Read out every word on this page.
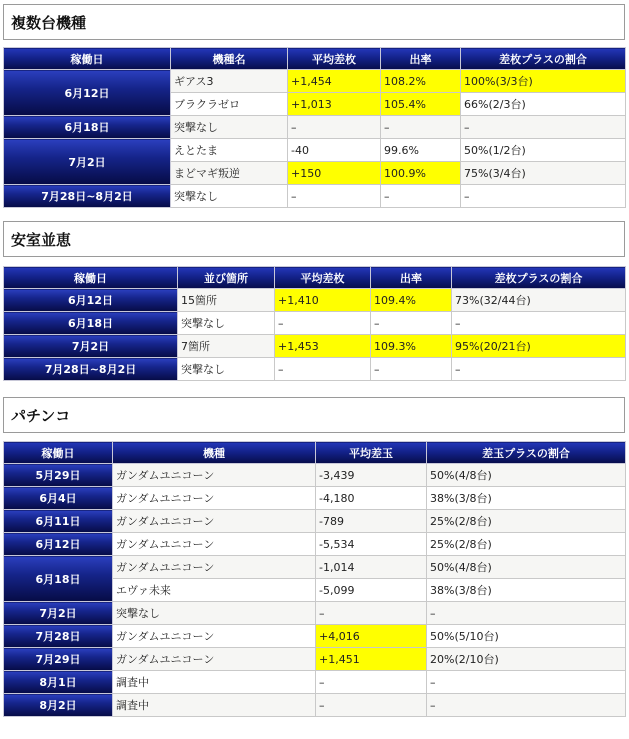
複数台機種
稼働日	機種名	平均差枚	出率	差枚プラスの割合
6月12日	ギアス3	+1,454	108.2%	100%(3/3台)
	ブラクラゼロ	+1,013	105.4%	66%(2/3台)
6月18日	突撃なし	–	–	–
7月2日	えとたま	-40	99.6%	50%(1/2台)
	まどマギ叛逆	+150	100.9%	75%(3/4台)
7月28日~8月2日	突撃なし	–	–	–
安室並恵
稼働日	並び箇所	平均差枚	出率	差枚プラスの割合
6月12日	15箇所	+1,410	109.4%	73%(32/44台)
6月18日	突撃なし	–	–	–
7月2日	7箇所	+1,453	109.3%	95%(20/21台)
7月28日~8月2日	突撃なし	–	–	–
パチンコ
稼働日	機種	平均差玉	差玉プラスの割合
5月29日	ガンダムユニコーン	-3,439	50%(4/8台)
6月4日	ガンダムユニコーン	-4,180	38%(3/8台)
6月11日	ガンダムユニコーン	-789	25%(2/8台)
6月12日	ガンダムユニコーン	-5,534	25%(2/8台)
6月18日	ガンダムユニコーン	-1,014	50%(4/8台)
	エヴァ未来	-5,099	38%(3/8台)
7月2日	突撃なし	–	–
7月28日	ガンダムユニコーン	+4,016	50%(5/10台)
7月29日	ガンダムユニコーン	+1,451	20%(2/10台)
8月1日	調査中	–	–
8月2日	調査中	–	–
